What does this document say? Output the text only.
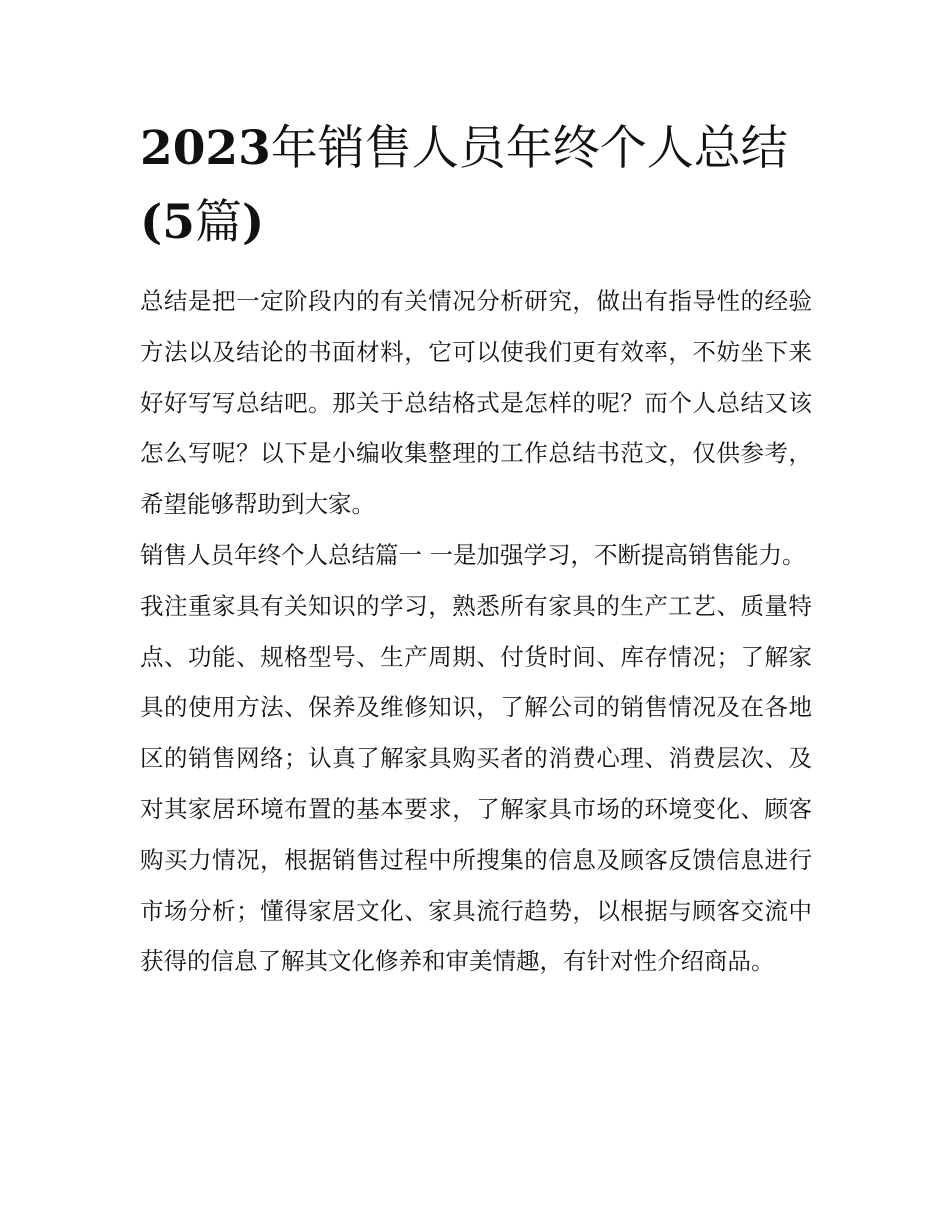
2023年销售人员年终个人总结
(5篇)

总结是把一定阶段内的有关情况分析研究，做出有指导性的经验方法以及结论的书面材料，它可以使我们更有效率，不妨坐下来好好写写总结吧。那关于总结格式是怎样的呢？而个人总结又该怎么写呢？以下是小编收集整理的工作总结书范文，仅供参考，希望能够帮助到大家。

销售人员年终个人总结篇一 一是加强学习，不断提高销售能力。

我注重家具有关知识的学习，熟悉所有家具的生产工艺、质量特点、功能、规格型号、生产周期、付货时间、库存情况；了解家具的使用方法、保养及维修知识，了解公司的销售情况及在各地区的销售网络；认真了解家具购买者的消费心理、消费层次、及对其家居环境布置的基本要求，了解家具市场的环境变化、顾客购买力情况，根据销售过程中所搜集的信息及顾客反馈信息进行市场分析；懂得家居文化、家具流行趋势，以根据与顾客交流中获得的信息了解其文化修养和审美情趣，有针对性介绍商品。
